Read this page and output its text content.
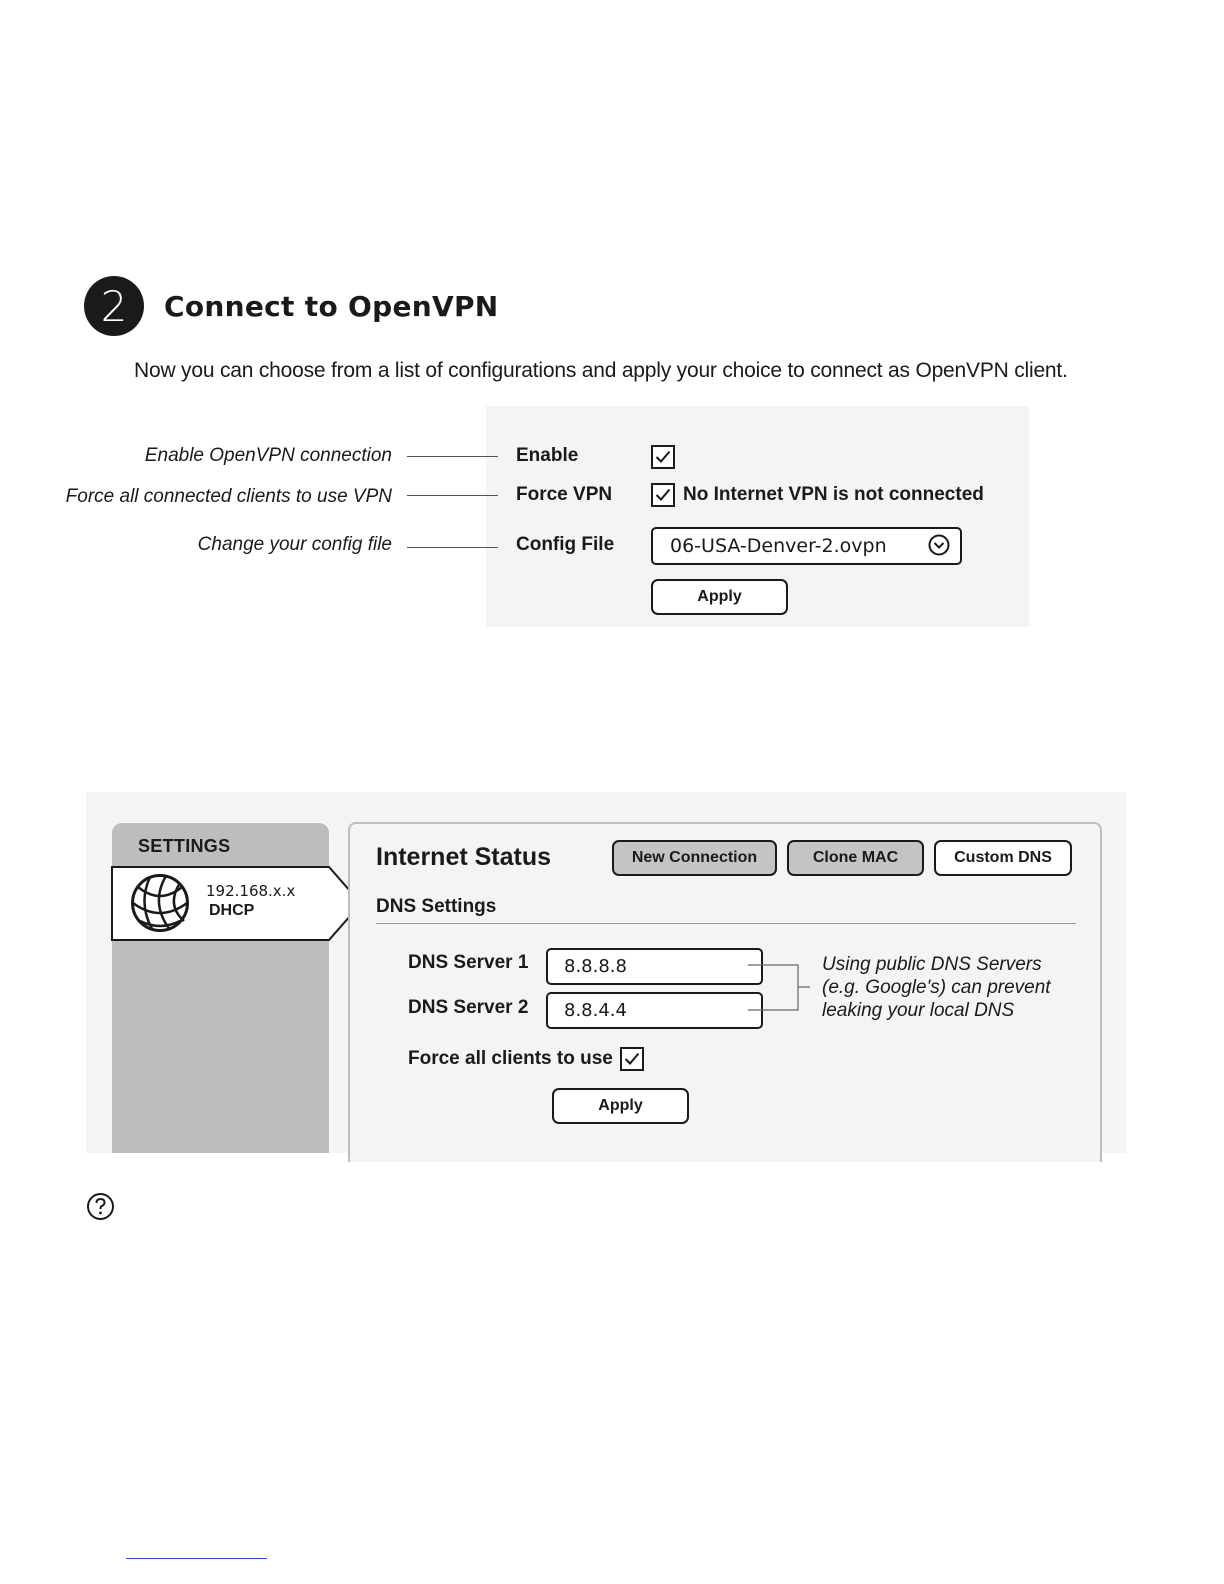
2 Connect to OpenVPN
Now you can choose from a list of configurations and apply your choice to connect as OpenVPN client.
Enable OpenVPN connection
Force all connected clients to use VPN
Change your config file
Enable
Force VPN	No Internet VPN is not connected
Config File	06-USA-Denver-2.ovpn
Apply
SETTINGS
192.168.x.x
DHCP
Internet Status	New Connection	Clone MAC	Custom DNS
DNS Settings
DNS Server 1 8.8.8.8
DNS Server 2 8.8.4.4
Using public DNS Servers
(e.g. Google's) can prevent
leaking your local DNS
Force all clients to use
Apply
